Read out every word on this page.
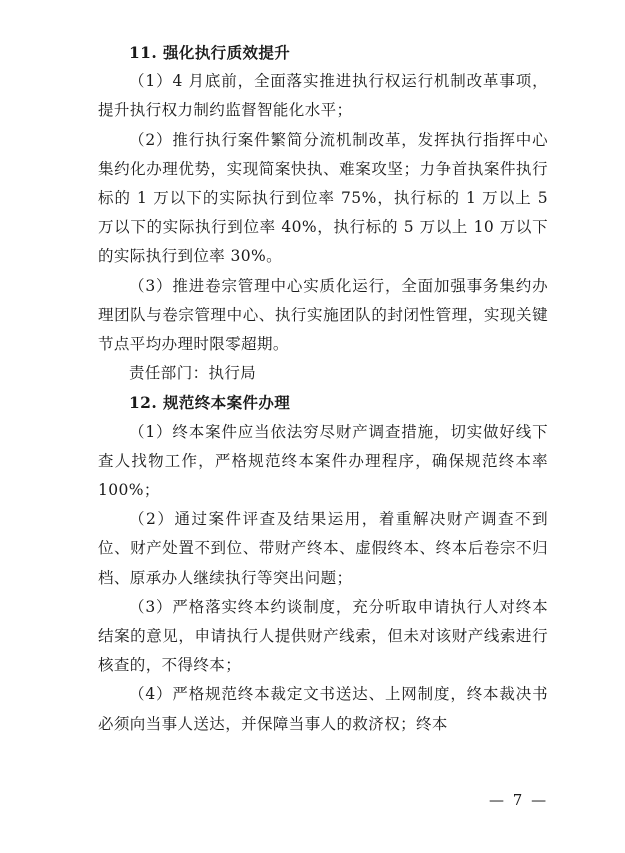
11. 强化执行质效提升

（1）4 月底前，全面落实推进执行权运行机制改革事项，提升执行权力制约监督智能化水平；

（2）推行执行案件繁简分流机制改革，发挥执行指挥中心集约化办理优势，实现简案快执、难案攻坚；力争首执案件执行标的 1 万以下的实际执行到位率 75%，执行标的 1 万以上 5 万以下的实际执行到位率 40%，执行标的 5 万以上 10 万以下的实际执行到位率 30%。

（3）推进卷宗管理中心实质化运行，全面加强事务集约办理团队与卷宗管理中心、执行实施团队的封闭性管理，实现关键节点平均办理时限零超期。

责任部门：执行局

12. 规范终本案件办理

（1）终本案件应当依法穷尽财产调查措施，切实做好线下查人找物工作，严格规范终本案件办理程序，确保规范终本率 100%；

（2）通过案件评查及结果运用，着重解决财产调查不到位、财产处置不到位、带财产终本、虚假终本、终本后卷宗不归档、原承办人继续执行等突出问题；

（3）严格落实终本约谈制度，充分听取申请执行人对终本结案的意见，申请执行人提供财产线索，但未对该财产线索进行核查的，不得终本；

（4）严格规范终本裁定文书送达、上网制度，终本裁决书必须向当事人送达，并保障当事人的救济权；终本

— 7 —
